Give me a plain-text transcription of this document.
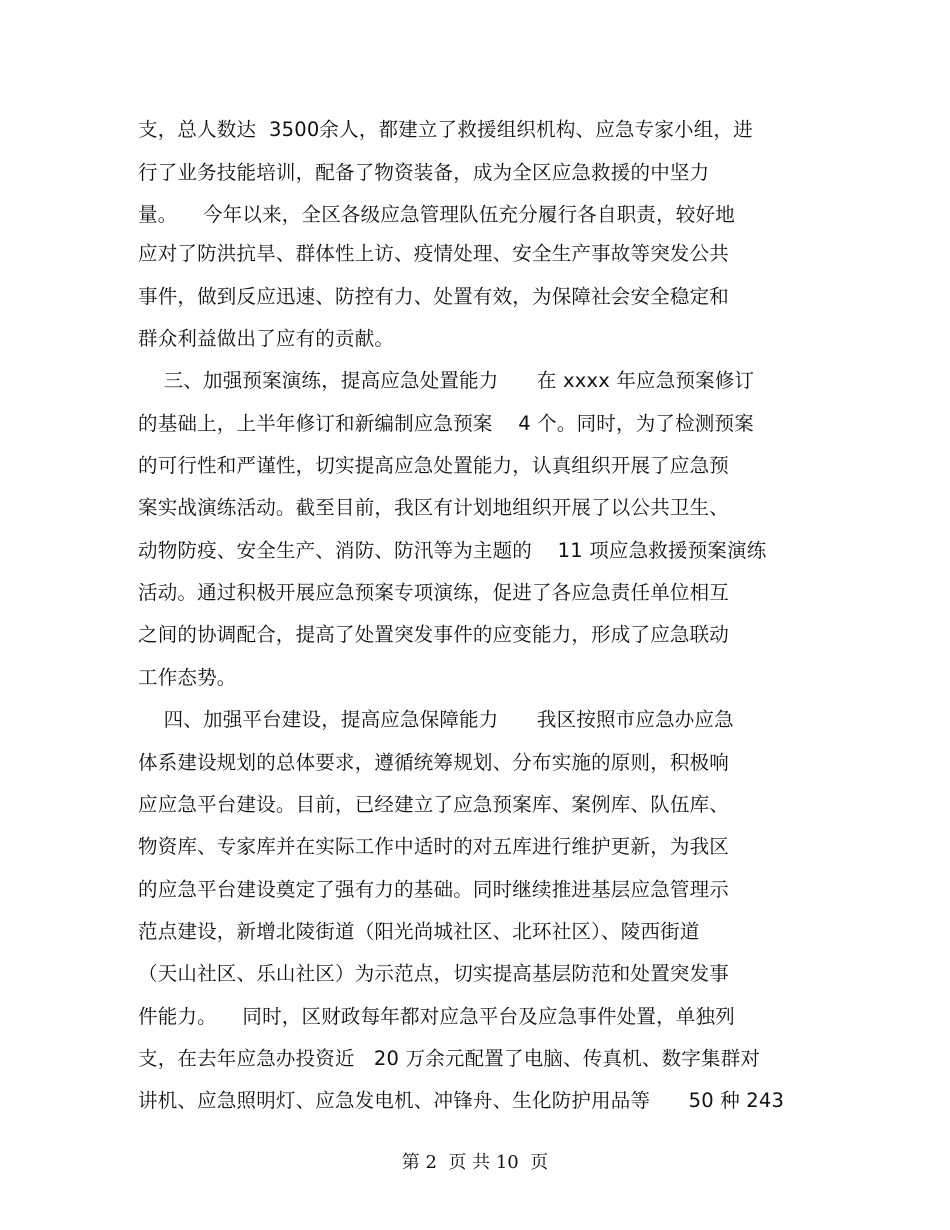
支，总人数达  3500余人，都建立了救援组织机构、应急专家小组，进
行了业务技能培训，配备了物资装备，成为全区应急救援的中坚力
量。    今年以来，全区各级应急管理队伍充分履行各自职责，较好地
应对了防洪抗旱、群体性上访、疫情处理、安全生产事故等突发公共
事件，做到反应迅速、防控有力、处置有效，为保障社会安全稳定和
群众利益做出了应有的贡献。
三、加强预案演练，提高应急处置能力      在 xxxx 年应急预案修订
的基础上，上半年修订和新编制应急预案    4 个。同时，为了检测预案
的可行性和严谨性，切实提高应急处置能力，认真组织开展了应急预
案实战演练活动。截至目前，我区有计划地组织开展了以公共卫生、
动物防疫、安全生产、消防、防汛等为主题的    11 项应急救援预案演练
活动。通过积极开展应急预案专项演练，促进了各应急责任单位相互
之间的协调配合，提高了处置突发事件的应变能力，形成了应急联动
工作态势。
四、加强平台建设，提高应急保障能力      我区按照市应急办应急
体系建设规划的总体要求，遵循统筹规划、分布实施的原则，积极响
应应急平台建设。目前，已经建立了应急预案库、案例库、队伍库、
物资库、专家库并在实际工作中适时的对五库进行维护更新，为我区
的应急平台建设奠定了强有力的基础。同时继续推进基层应急管理示
范点建设，新增北陵街道（阳光尚城社区、北环社区）、陵西街道
（天山社区、乐山社区）为示范点，切实提高基层防范和处置突发事
件能力。    同时，区财政每年都对应急平台及应急事件处置，单独列
支，在去年应急办投资近   20 万余元配置了电脑、传真机、数字集群对
讲机、应急照明灯、应急发电机、冲锋舟、生化防护用品等      50 种 243
第 2  页 共 10  页
